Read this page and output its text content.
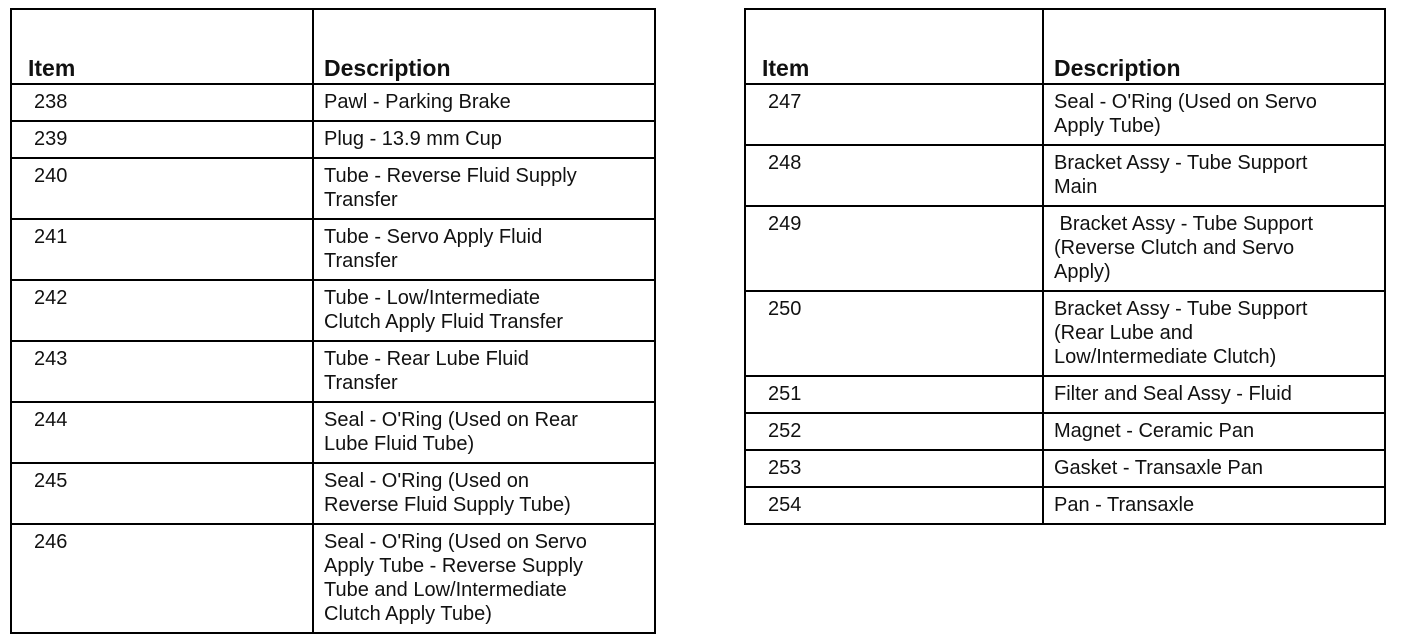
Item	Description
238	Pawl - Parking Brake

239	Plug - 13.9 mm Cup

240	Tube - Reverse Fluid Supply
Transfer

241	Tube - Servo Apply Fluid
Transfer

242	Tube - Low/Intermediate
Clutch Apply Fluid Transfer

243	Tube - Rear Lube Fluid
Transfer

244	Seal - O'Ring (Used on Rear
Lube Fluid Tube)

245	Seal - O'Ring (Used on
Reverse Fluid Supply Tube)

246	Seal - O'Ring (Used on Servo
Apply Tube - Reverse Supply
Tube and Low/Intermediate
Clutch Apply Tube)
Item	Description
247	Seal - O'Ring (Used on Servo
Apply Tube)

248	Bracket Assy - Tube Support
Main

249	Bracket Assy - Tube Support
(Reverse Clutch and Servo
Apply)

250	Bracket Assy - Tube Support
(Rear Lube and
Low/Intermediate Clutch)

251	Filter and Seal Assy - Fluid

252	Magnet - Ceramic Pan

253	Gasket - Transaxle Pan

254	Pan - Transaxle
